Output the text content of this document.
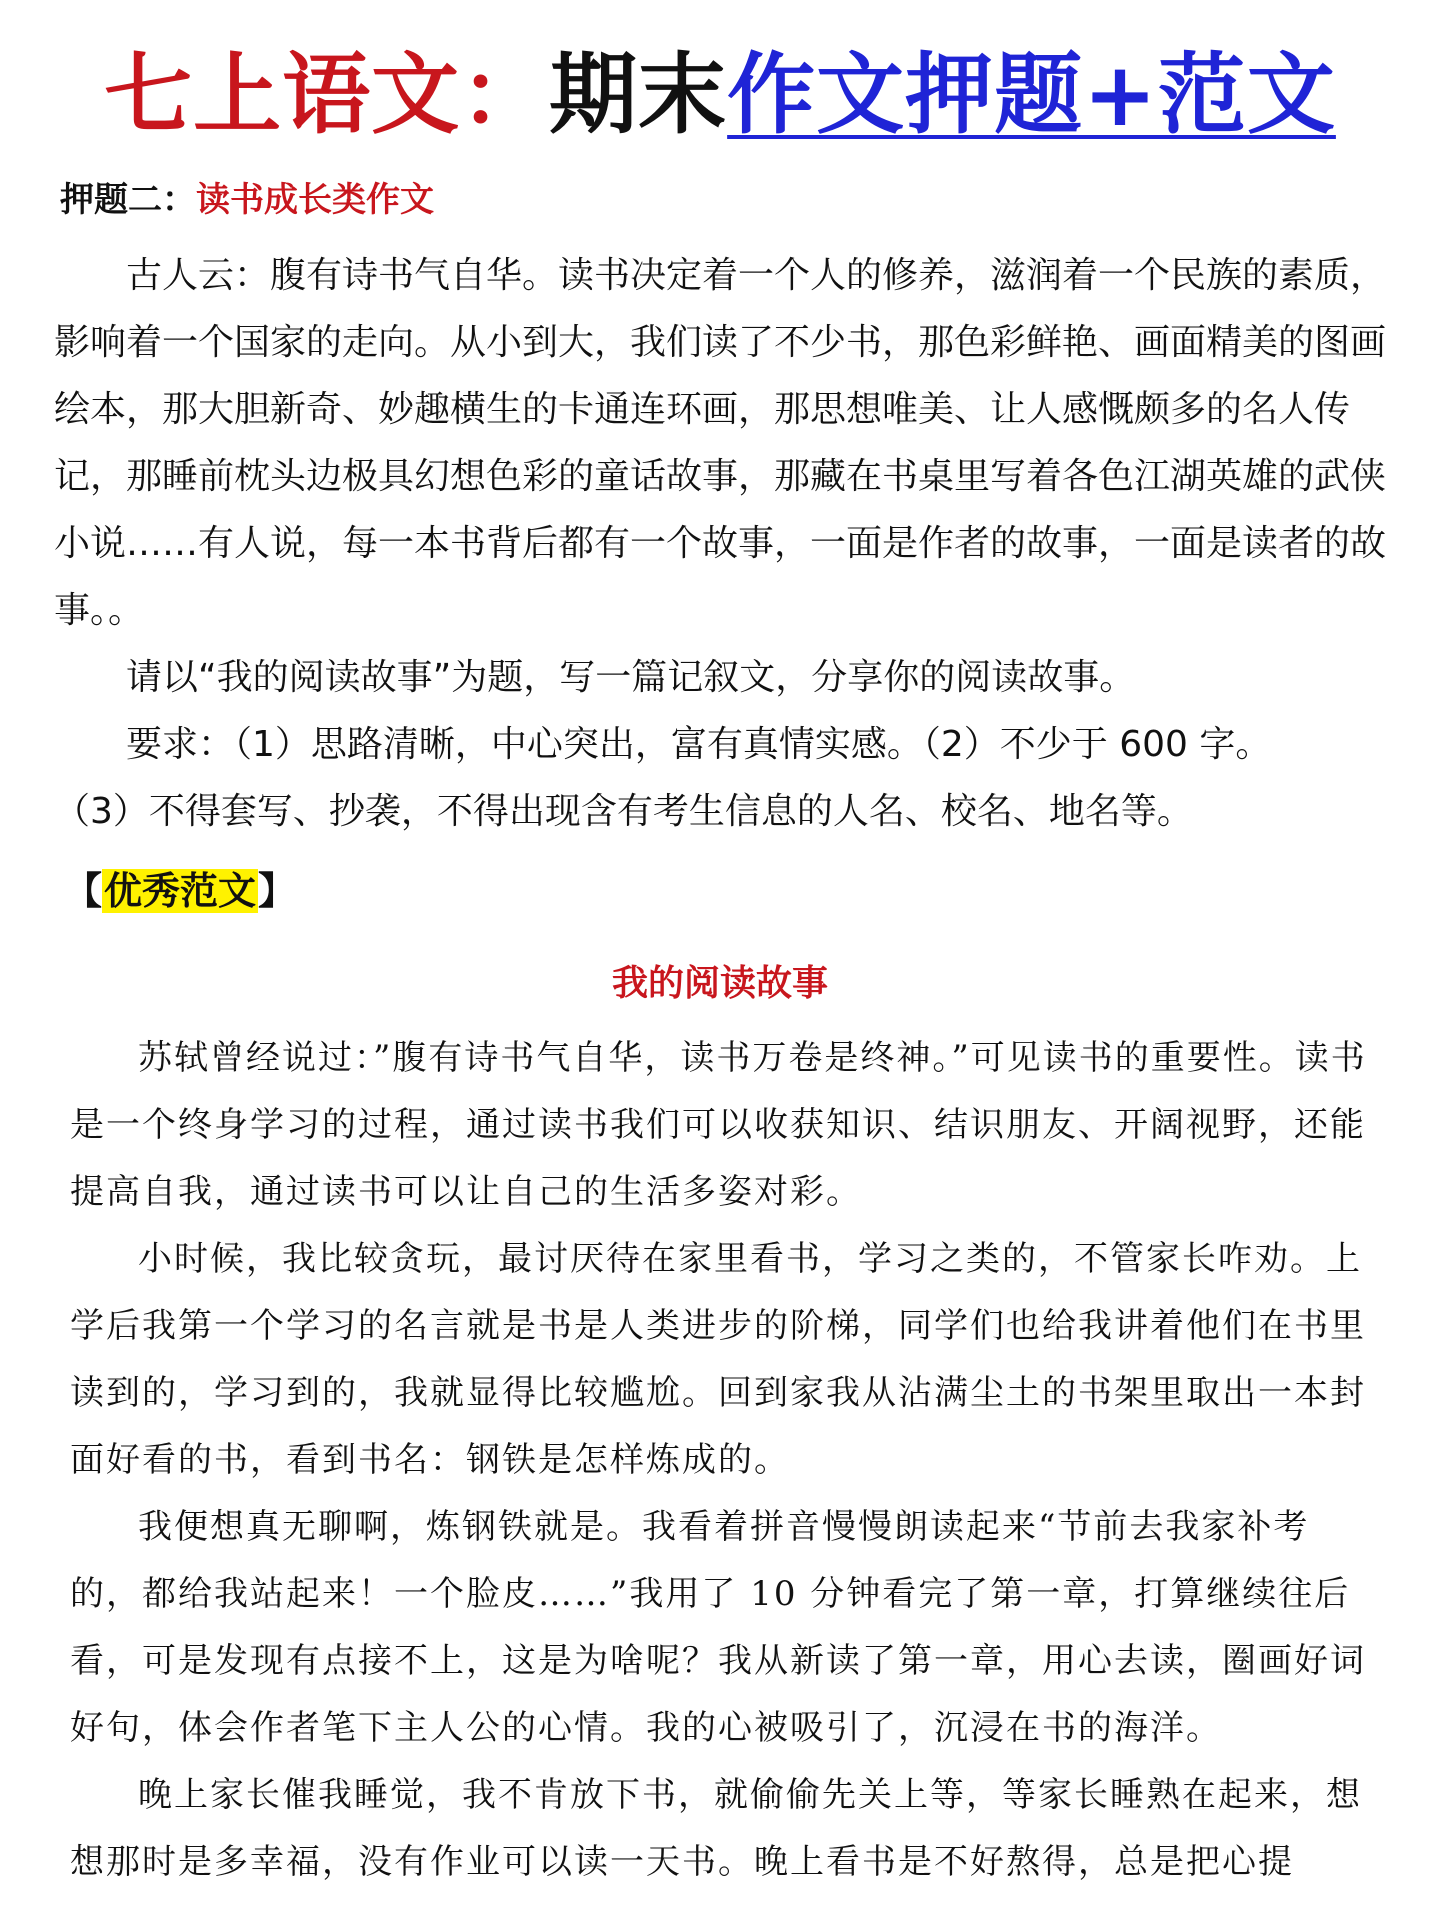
七上语文：期末作文押题+范文
押题二：读书成长类作文

古人云：腹有诗书气自华。读书决定着一个人的修养，滋润着一个民族的素质，影响着一个国家的走向。从小到大，我们读了不少书，那色彩鲜艳、画面精美的图画绘本，那大胆新奇、妙趣横生的卡通连环画，那思想唯美、让人感慨颇多的名人传记，那睡前枕头边极具幻想色彩的童话故事，那藏在书桌里写着各色江湖英雄的武侠小说……有人说，每一本书背后都有一个故事，一面是作者的故事，一面是读者的故事。。

请以“我的阅读故事”为题，写一篇记叙文，分享你的阅读故事。

要求：（1）思路清晰，中心突出，富有真情实感。（2）不少于 600 字。

（3）不得套写、抄袭，不得出现含有考生信息的人名、校名、地名等。

【优秀范文】
我的阅读故事

苏轼曾经说过：”腹有诗书气自华，读书万卷是终神。”可见读书的重要性。读书是一个终身学习的过程，通过读书我们可以收获知识、结识朋友、开阔视野，还能提高自我，通过读书可以让自己的生活多姿对彩。

小时候，我比较贪玩，最讨厌待在家里看书，学习之类的，不管家长咋劝。上学后我第一个学习的名言就是书是人类进步的阶梯，同学们也给我讲着他们在书里读到的，学习到的，我就显得比较尴尬。回到家我从沾满尘土的书架里取出一本封面好看的书，看到书名：钢铁是怎样炼成的。

我便想真无聊啊，炼钢铁就是。我看着拼音慢慢朗读起来“节前去我家补考的，都给我站起来！一个脸皮……”我用了 10 分钟看完了第一章，打算继续往后看，可是发现有点接不上，这是为啥呢？我从新读了第一章，用心去读，圈画好词好句，体会作者笔下主人公的心情。我的心被吸引了，沉浸在书的海洋。

晚上家长催我睡觉，我不肯放下书，就偷偷先关上等，等家长睡熟在起来，想想那时是多幸福，没有作业可以读一天书。晚上看书是不好熬得，总是把心提
